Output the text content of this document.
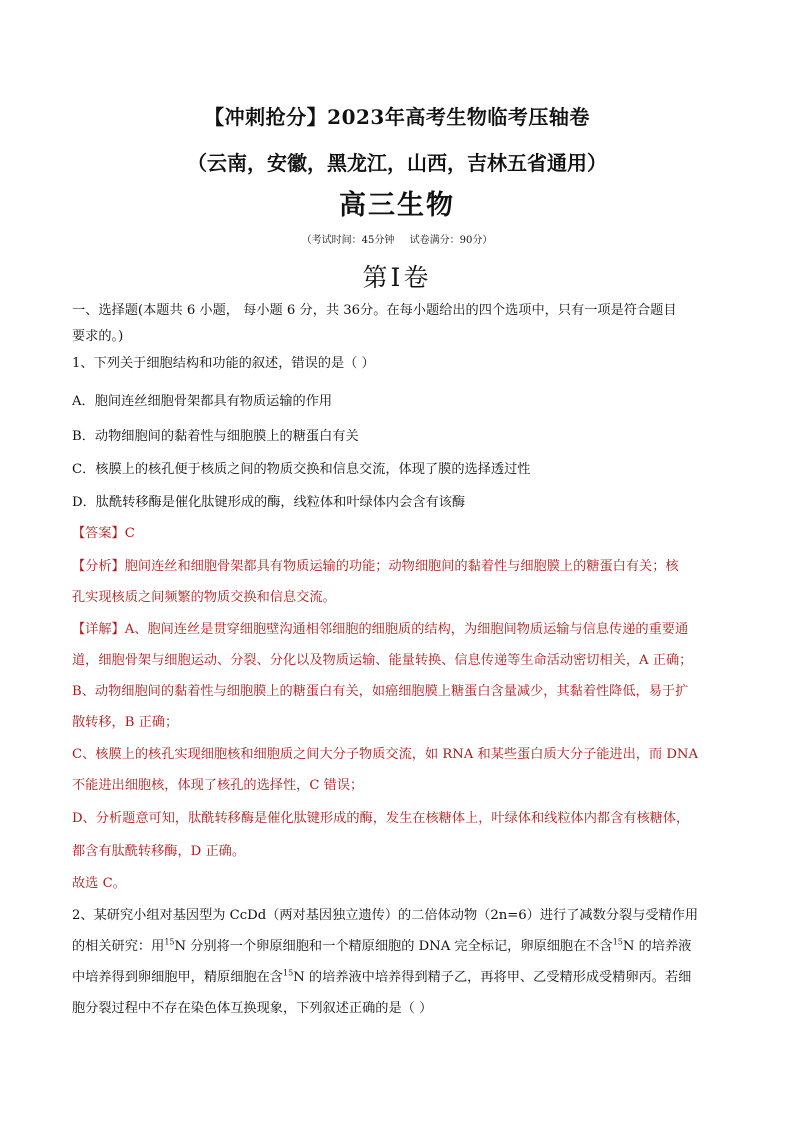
【冲刺抢分】2023年高考生物临考压轴卷
（云南，安徽，黑龙江，山西，吉林五省通用）
高三生物
（考试时间：45分钟 试卷满分：90分）
第Ⅰ卷
一、选择题(本题共 6 小题， 每小题 6 分，共 36分。在每小题给出的四个选项中，只有一项是符合题目
要求的。)
1、下列关于细胞结构和功能的叙述，错误的是（ ）
A．胞间连丝细胞骨架都具有物质运输的作用
B．动物细胞间的黏着性与细胞膜上的糖蛋白有关
C．核膜上的核孔便于核质之间的物质交换和信息交流，体现了膜的选择透过性
D．肽酰转移酶是催化肽键形成的酶，线粒体和叶绿体内会含有该酶
【答案】C
【分析】胞间连丝和细胞骨架都具有物质运输的功能；动物细胞间的黏着性与细胞膜上的糖蛋白有关；核
孔实现核质之间频繁的物质交换和信息交流。
【详解】A、胞间连丝是贯穿细胞壁沟通相邻细胞的细胞质的结构，为细胞间物质运输与信息传递的重要通
道，细胞骨架与细胞运动、分裂、分化以及物质运输、能量转换、信息传递等生命活动密切相关，A 正确；
B、动物细胞间的黏着性与细胞膜上的糖蛋白有关，如癌细胞膜上糖蛋白含量减少，其黏着性降低，易于扩
散转移，B 正确；
C、核膜上的核孔实现细胞核和细胞质之间大分子物质交流，如 RNA 和某些蛋白质大分子能进出，而 DNA
不能进出细胞核，体现了核孔的选择性，C 错误；
D、分析题意可知，肽酰转移酶是催化肽键形成的酶，发生在核糖体上，叶绿体和线粒体内都含有核糖体，
都含有肽酰转移酶，D 正确。
故选 C。
2、某研究小组对基因型为 CcDd（两对基因独立遗传）的二倍体动物（2n=6）进行了减数分裂与受精作用
的相关研究：用$^{15}$N 分别将一个卵原细胞和一个精原细胞的 DNA 完全标记，卵原细胞在不含$^{15}$N 的培养液
中培养得到卵细胞甲，精原细胞在含$^{15}$N 的培养液中培养得到精子乙，再将甲、乙受精形成受精卵丙。若细
胞分裂过程中不存在染色体互换现象，下列叙述正确的是（ ）
